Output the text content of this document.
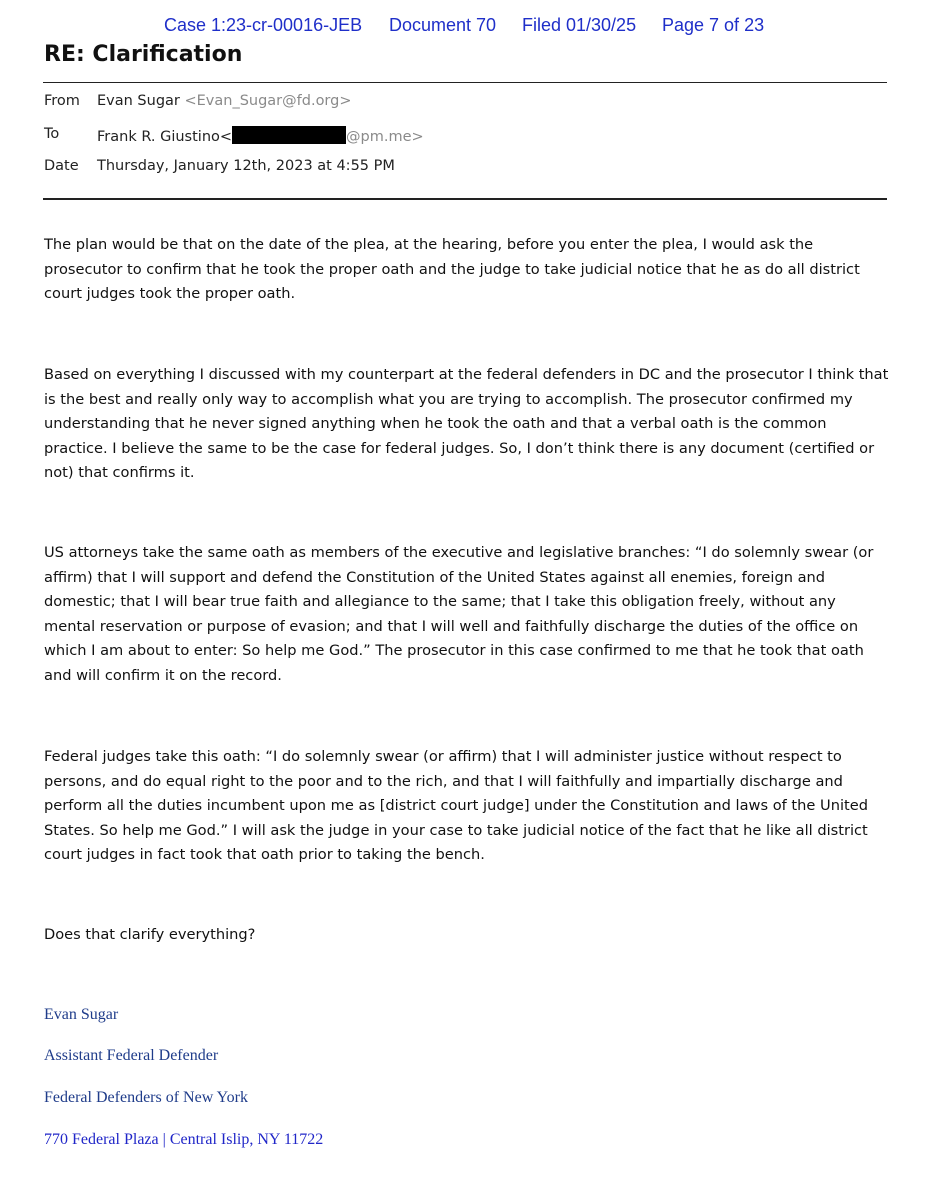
Case 1:23-cr-00016-JEB Document 70 Filed 01/30/25 Page 7 of 23
RE: Clarification
From Evan Sugar <Evan_Sugar@fd.org>
To	Frank R. Giustino<	@pm.me>
Date Thursday, January 12th, 2023 at 4:55 PM

The plan would be that on the date of the plea, at the hearing, before you enter the plea, I would ask the prosecutor to confirm that he took the proper oath and the judge to take judicial notice that he as do all district court judges took the proper oath.

Based on everything I discussed with my counterpart at the federal defenders in DC and the prosecutor I think that is the best and really only way to accomplish what you are trying to accomplish. The prosecutor confirmed my understanding that he never signed anything when he took the oath and that a verbal oath is the common practice. I believe the same to be the case for federal judges. So, I don’t think there is any document (certified or not) that confirms it.

US attorneys take the same oath as members of the executive and legislative branches: “I do solemnly swear (or affirm) that I will support and defend the Constitution of the United States against all enemies, foreign and domestic; that I will bear true faith and allegiance to the same; that I take this obligation freely, without any mental reservation or purpose of evasion; and that I will well and faithfully discharge the duties of the office on which I am about to enter: So help me God.” The prosecutor in this case confirmed to me that he took that oath and will confirm it on the record.

Federal judges take this oath: “I do solemnly swear (or affirm) that I will administer justice without respect to persons, and do equal right to the poor and to the rich, and that I will faithfully and impartially discharge and perform all the duties incumbent upon me as [district court judge] under the Constitution and laws of the United States. So help me God.” I will ask the judge in your case to take judicial notice of the fact that he like all district court judges in fact took that oath prior to taking the bench.

Does that clarify everything?

Evan Sugar
Assistant Federal Defender
Federal Defenders of New York
770 Federal Plaza | Central Islip, NY 11722
